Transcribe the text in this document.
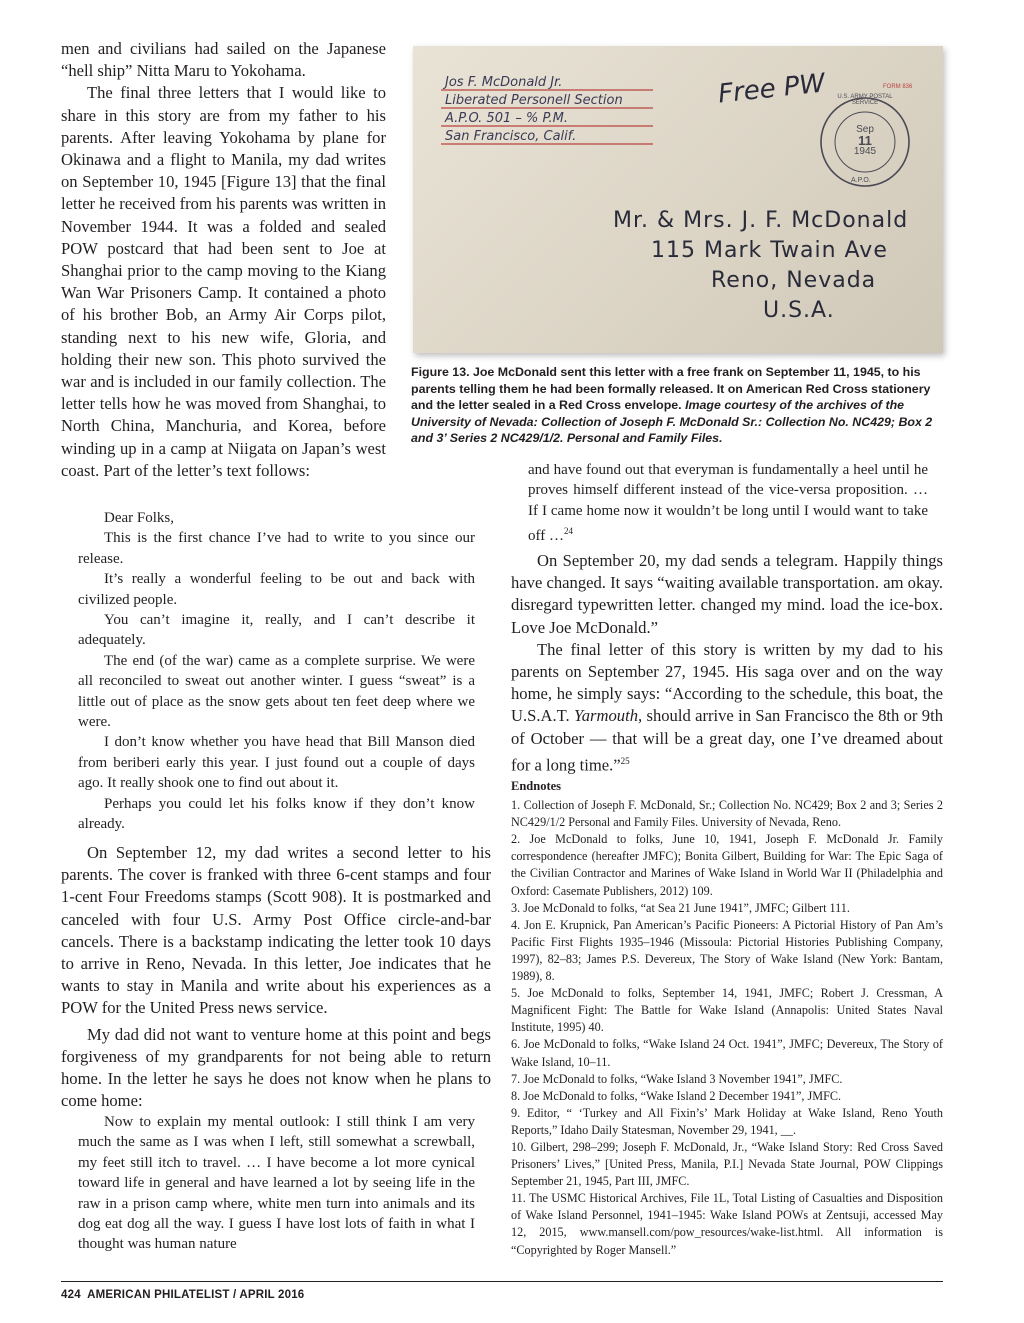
men and civilians had sailed on the Japanese “hell ship” Nitta Maru to Yokohama.

The final three letters that I would like to share in this story are from my father to his parents. After leaving Yokohama by plane for Okinawa and a flight to Manila, my dad writes on September 10, 1945 [Figure 13] that the final letter he received from his parents was written in November 1944. It was a folded and sealed POW postcard that had been sent to Joe at Shanghai prior to the camp moving to the Kiang Wan War Prisoners Camp. It contained a photo of his brother Bob, an Army Air Corps pilot, standing next to his new wife, Gloria, and holding their new son. This photo survived the war and is included in our family collection. The letter tells how he was moved from Shanghai, to North China, Manchuria, and Korea, before winding up in a camp at Niigata on Japan’s west coast. Part of the letter’s text follows:

Dear Folks,

This is the first chance I’ve had to write to you since our release.

It’s really a wonderful feeling to be out and back with civilized people.

You can’t imagine it, really, and I can’t describe it adequately.

The end (of the war) came as a complete surprise. We were all reconciled to sweat out another winter. I guess “sweat” is a little out of place as the snow gets about ten feet deep where we were.

I don’t know whether you have head that Bill Manson died from beriberi early this year. I just found out a couple of days ago. It really shook one to find out about it.

Perhaps you could let his folks know if they don’t know already.

On September 12, my dad writes a second letter to his parents. The cover is franked with three 6-cent stamps and four 1-cent Four Freedoms stamps (Scott 908). It is postmarked and canceled with four U.S. Army Post Office circle-and-bar cancels. There is a backstamp indicating the letter took 10 days to arrive in Reno, Nevada. In this letter, Joe indicates that he wants to stay in Manila and write about his experiences as a POW for the United Press news service.

My dad did not want to venture home at this point and begs forgiveness of my grandparents for not being able to return home. In the letter he says he does not know when he plans to come home:

Now to explain my mental outlook: I still think I am very much the same as I was when I left, still somewhat a screwball, my feet still itch to travel. … I have become a lot more cynical toward life in general and have learned a lot by seeing life in the raw in a prison camp where, white men turn into animals and its dog eat dog all the way. I guess I have lost lots of faith in what I thought was human nature

Jos F. McDonald Jr.
Liberated Personell Section
A.P.O. 501 – % P.M.
San Francisco, Calif.
Free PW	FORM 836
U.S. ARMY POSTAL SERVICE
Sep
11
1945
A.P.O.
Mr. & Mrs. J. F. McDonald
115 Mark Twain Ave
Reno, Nevada
U.S.A.
Figure 13. Joe McDonald sent this letter with a free frank on September 11, 1945, to his parents telling them he had been formally released. It on American Red Cross stationery and the letter sealed in a Red Cross envelope. Image courtesy of the archives of the University of Nevada: Collection of Joseph F. McDonald Sr.: Collection No. NC429; Box 2 and 3’ Series 2 NC429/1/2. Personal and Family Files.

and have found out that everyman is fundamentally a heel until he proves himself different instead of the vice-versa proposition. … If I came home now it wouldn’t be long until I would want to take off …$^{24}$

On September 20, my dad sends a telegram. Happily things have changed. It says “waiting available transportation. am okay. disregard typewritten letter. changed my mind. load the ice-box. Love Joe McDonald.”

The final letter of this story is written by my dad to his parents on September 27, 1945. His saga over and on the way home, he simply says: “According to the schedule, this boat, the U.S.A.T. Yarmouth, should arrive in San Francisco the 8th or 9th of October — that will be a great day, one I’ve dreamed about for a long time.”$^{25}$

Endnotes

1. Collection of Joseph F. McDonald, Sr.; Collection No. NC429; Box 2 and 3; Series 2 NC429/1/2 Personal and Family Files. University of Nevada, Reno.

2. Joe McDonald to folks, June 10, 1941, Joseph F. McDonald Jr. Family correspondence (hereafter JMFC); Bonita Gilbert, Building for War: The Epic Saga of the Civilian Contractor and Marines of Wake Island in World War II (Philadelphia and Oxford: Casemate Publishers, 2012) 109.

3. Joe McDonald to folks, “at Sea 21 June 1941”, JMFC; Gilbert 111.

4. Jon E. Krupnick, Pan American’s Pacific Pioneers: A Pictorial History of Pan Am’s Pacific First Flights 1935–1946 (Missoula: Pictorial Histories Publishing Company, 1997), 82–83; James P.S. Devereux, The Story of Wake Island (New York: Bantam, 1989), 8.

5. Joe McDonald to folks, September 14, 1941, JMFC; Robert J. Cressman, A Magnificent Fight: The Battle for Wake Island (Annapolis: United States Naval Institute, 1995) 40.

6. Joe McDonald to folks, “Wake Island 24 Oct. 1941”, JMFC; Devereux, The Story of Wake Island, 10–11.

7. Joe McDonald to folks, “Wake Island 3 November 1941”, JMFC.

8. Joe McDonald to folks, “Wake Island 2 December 1941”, JMFC.

9. Editor, “ ‘Turkey and All Fixin’s’ Mark Holiday at Wake Island, Reno Youth Reports,” Idaho Daily Statesman, November 29, 1941, __.

10. Gilbert, 298–299; Joseph F. McDonald, Jr., “Wake Island Story: Red Cross Saved Prisoners’ Lives,” [United Press, Manila, P.I.] Nevada State Journal, POW Clippings September 21, 1945, Part III, JMFC.

11. The USMC Historical Archives, File 1L, Total Listing of Casualties and Disposition of Wake Island Personnel, 1941–1945: Wake Island POWs at Zentsuji, accessed May 12, 2015, www.mansell.com/pow_resources/wake-list.html. All information is “Copyrighted by Roger Mansell.”

424  AMERICAN PHILATELIST / APRIL 2016
